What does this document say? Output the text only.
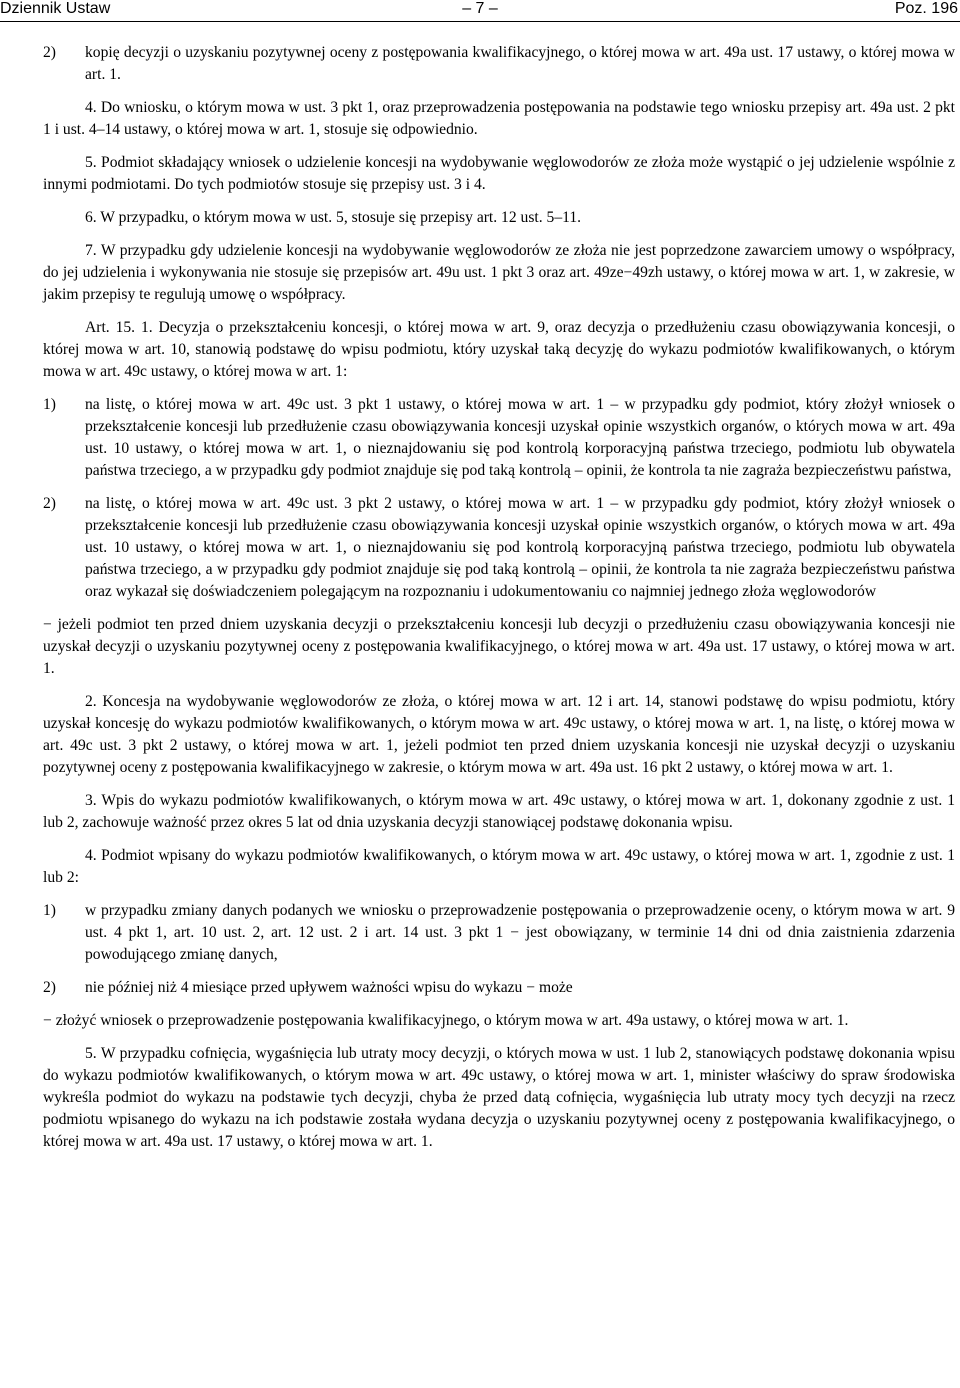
Dziennik Ustaw	– 7 –	Poz. 196
2)	kopię decyzji o uzyskaniu pozytywnej oceny z postępowania kwalifikacyjnego, o której mowa w art. 49a ust. 17 ustawy, o której mowa w art. 1.

4. Do wniosku, o którym mowa w ust. 3 pkt 1, oraz przeprowadzenia postępowania na podstawie tego wniosku przepisy art. 49a ust. 2 pkt 1 i ust. 4–14 ustawy, o której mowa w art. 1, stosuje się odpowiednio.

5. Podmiot składający wniosek o udzielenie koncesji na wydobywanie węglowodorów ze złoża może wystąpić o jej udzielenie wspólnie z innymi podmiotami. Do tych podmiotów stosuje się przepisy ust. 3 i 4.

6. W przypadku, o którym mowa w ust. 5, stosuje się przepisy art. 12 ust. 5–11.

7. W przypadku gdy udzielenie koncesji na wydobywanie węglowodorów ze złoża nie jest poprzedzone zawarciem umowy o współpracy, do jej udzielenia i wykonywania nie stosuje się przepisów art. 49u ust. 1 pkt 3 oraz art. 49ze−49zh ustawy, o której mowa w art. 1, w zakresie, w jakim przepisy te regulują umowę o współpracy.

Art. 15. 1. Decyzja o przekształceniu koncesji, o której mowa w art. 9, oraz decyzja o przedłużeniu czasu obowiązywania koncesji, o której mowa w art. 10, stanowią podstawę do wpisu podmiotu, który uzyskał taką decyzję do wykazu podmiotów kwalifikowanych, o którym mowa w art. 49c ustawy, o której mowa w art. 1:

1)	na listę, o której mowa w art. 49c ust. 3 pkt 1 ustawy, o której mowa w art. 1 – w przypadku gdy podmiot, który złożył wniosek o przekształcenie koncesji lub przedłużenie czasu obowiązywania koncesji uzyskał opinie wszystkich organów, o których mowa w art. 49a ust. 10 ustawy, o której mowa w art. 1, o nieznajdowaniu się pod kontrolą korporacyjną państwa trzeciego, podmiotu lub obywatela państwa trzeciego, a w przypadku gdy podmiot znajduje się pod taką kontrolą – opinii, że kontrola ta nie zagraża bezpieczeństwu państwa,
2)	na listę, o której mowa w art. 49c ust. 3 pkt 2 ustawy, o której mowa w art. 1 – w przypadku gdy podmiot, który złożył wniosek o przekształcenie koncesji lub przedłużenie czasu obowiązywania koncesji uzyskał opinie wszystkich organów, o których mowa w art. 49a ust. 10 ustawy, o której mowa w art. 1, o nieznajdowaniu się pod kontrolą korporacyjną państwa trzeciego, podmiotu lub obywatela państwa trzeciego, a w przypadku gdy podmiot znajduje się pod taką kontrolą – opinii, że kontrola ta nie zagraża bezpieczeństwu państwa oraz wykazał się doświadczeniem polegającym na rozpoznaniu i udokumentowaniu co najmniej jednego złoża węglowodorów

− jeżeli podmiot ten przed dniem uzyskania decyzji o przekształceniu koncesji lub decyzji o przedłużeniu czasu obowiązywania koncesji nie uzyskał decyzji o uzyskaniu pozytywnej oceny z postępowania kwalifikacyjnego, o której mowa w art. 49a ust. 17 ustawy, o której mowa w art. 1.

2. Koncesja na wydobywanie węglowodorów ze złoża, o której mowa w art. 12 i art. 14, stanowi podstawę do wpisu podmiotu, który uzyskał koncesję do wykazu podmiotów kwalifikowanych, o którym mowa w art. 49c ustawy, o której mowa w art. 1, na listę, o której mowa w art. 49c ust. 3 pkt 2 ustawy, o której mowa w art. 1, jeżeli podmiot ten przed dniem uzyskania koncesji nie uzyskał decyzji o uzyskaniu pozytywnej oceny z postępowania kwalifikacyjnego w zakresie, o którym mowa w art. 49a ust. 16 pkt 2 ustawy, o której mowa w art. 1.

3. Wpis do wykazu podmiotów kwalifikowanych, o którym mowa w art. 49c ustawy, o której mowa w art. 1, dokonany zgodnie z ust. 1 lub 2, zachowuje ważność przez okres 5 lat od dnia uzyskania decyzji stanowiącej podstawę dokonania wpisu.

4. Podmiot wpisany do wykazu podmiotów kwalifikowanych, o którym mowa w art. 49c ustawy, o której mowa w art. 1, zgodnie z ust. 1 lub 2:

1)	w przypadku zmiany danych podanych we wniosku o przeprowadzenie postępowania o przeprowadzenie oceny, o którym mowa w art. 9 ust. 4 pkt 1, art. 10 ust. 2, art. 12 ust. 2 i art. 14 ust. 3 pkt 1 − jest obowiązany, w terminie 14 dni od dnia zaistnienia zdarzenia powodującego zmianę danych,
2)	nie później niż 4 miesiące przed upływem ważności wpisu do wykazu − może

− złożyć wniosek o przeprowadzenie postępowania kwalifikacyjnego, o którym mowa w art. 49a ustawy, o której mowa w art. 1.

5. W przypadku cofnięcia, wygaśnięcia lub utraty mocy decyzji, o których mowa w ust. 1 lub 2, stanowiących podstawę dokonania wpisu do wykazu podmiotów kwalifikowanych, o którym mowa w art. 49c ustawy, o której mowa w art. 1, minister właściwy do spraw środowiska wykreśla podmiot do wykazu na podstawie tych decyzji, chyba że przed datą cofnięcia, wygaśnięcia lub utraty mocy tych decyzji na rzecz podmiotu wpisanego do wykazu na ich podstawie została wydana decyzja o uzyskaniu pozytywnej oceny z postępowania kwalifikacyjnego, o której mowa w art. 49a ust. 17 ustawy, o której mowa w art. 1.
